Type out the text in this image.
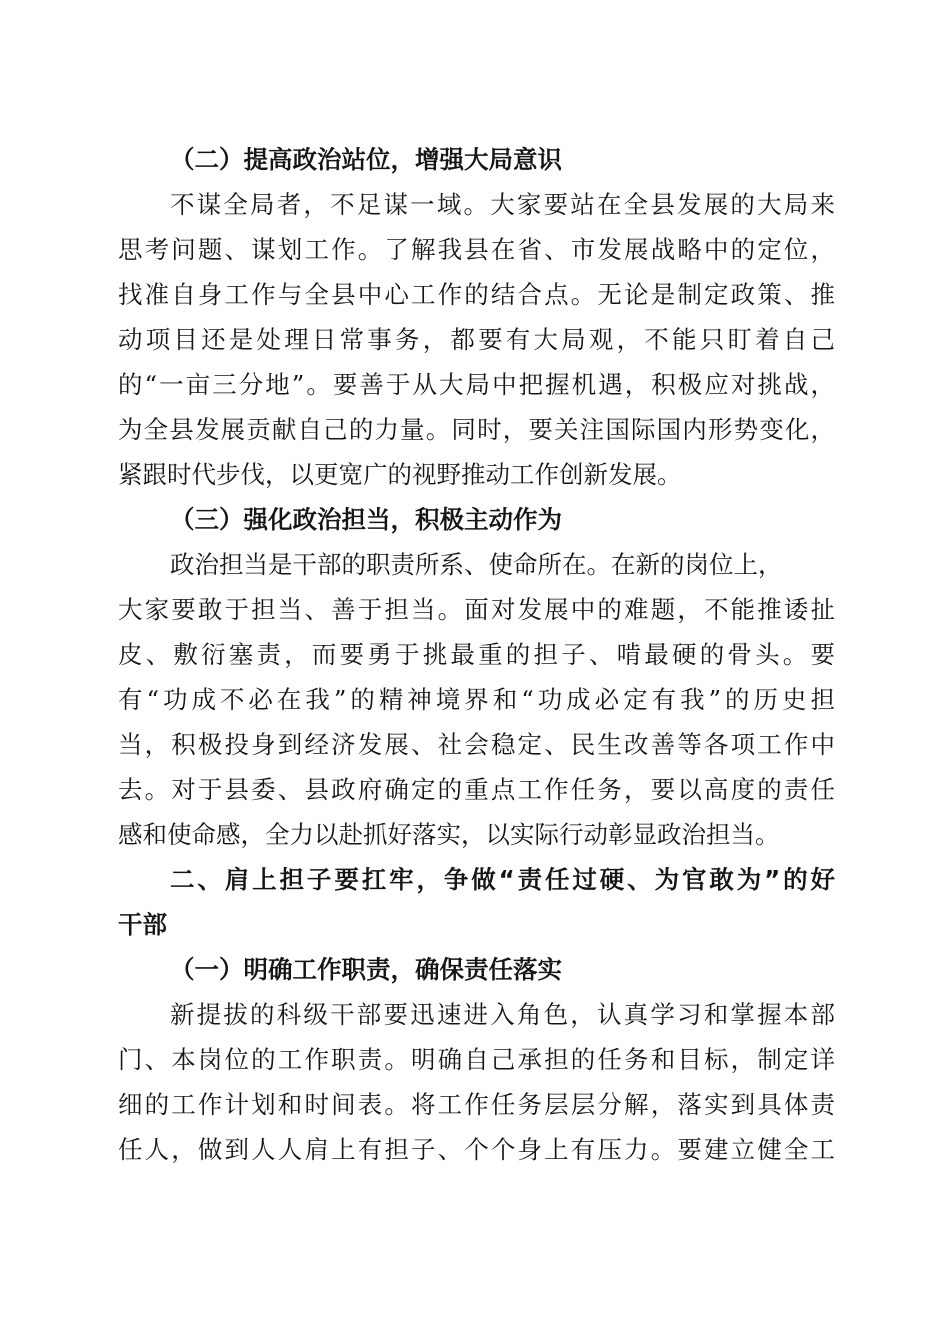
（二）提高政治站位，增强大局意识
不谋全局者，不足谋一域。大家要站在全县发展的大局来
思考问题、谋划工作。了解我县在省、市发展战略中的定位，
找准自身工作与全县中心工作的结合点。无论是制定政策、推
动项目还是处理日常事务，都要有大局观，不能只盯着自己
的“一亩三分地”。要善于从大局中把握机遇，积极应对挑战，
为全县发展贡献自己的力量。同时，要关注国际国内形势变化，
紧跟时代步伐，以更宽广的视野推动工作创新发展。
（三）强化政治担当，积极主动作为
政治担当是干部的职责所系、使命所在。在新的岗位上，
大家要敢于担当、善于担当。面对发展中的难题，不能推诿扯
皮、敷衍塞责，而要勇于挑最重的担子、啃最硬的骨头。要
有“功成不必在我”的精神境界和“功成必定有我”的历史担
当，积极投身到经济发展、社会稳定、民生改善等各项工作中
去。对于县委、县政府确定的重点工作任务，要以高度的责任
感和使命感，全力以赴抓好落实，以实际行动彰显政治担当。
二、肩上担子要扛牢，争做“责任过硬、为官敢为”的好
干部
（一）明确工作职责，确保责任落实
新提拔的科级干部要迅速进入角色，认真学习和掌握本部
门、本岗位的工作职责。明确自己承担的任务和目标，制定详
细的工作计划和时间表。将工作任务层层分解，落实到具体责
任人，做到人人肩上有担子、个个身上有压力。要建立健全工
